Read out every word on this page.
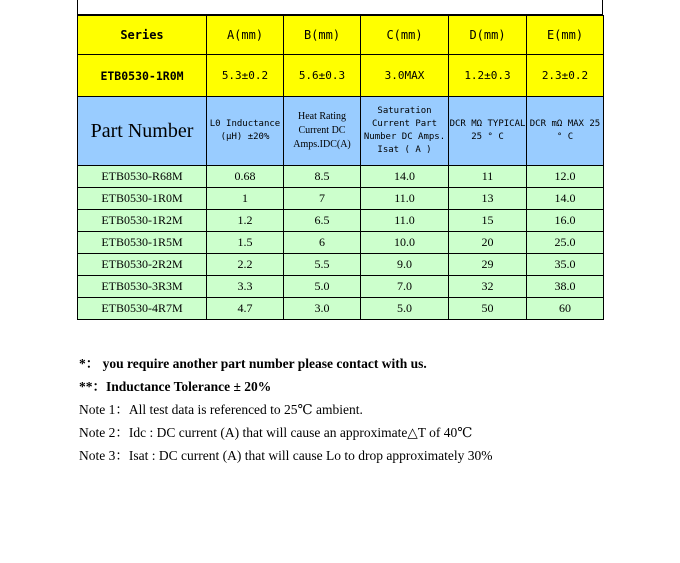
Series	A(mm)	B(mm)	C(mm)	D(mm)	E(mm)
ETB0530-1R0M	5.3±0.2	5.6±0.3	3.0MAX	1.2±0.3	2.3±0.2
Part Number	L0 Inductance (μH) ±20%	Heat Rating Current DC Amps.IDC(A)	Saturation Current Part Number DC Amps. Isat ( A )	DCR MΩ TYPICAL 25 ° C	DCR mΩ MAX 25 ° C
ETB0530-R68M	0.68	8.5	14.0	11	12.0
ETB0530-1R0M	1	7	11.0	13	14.0
ETB0530-1R2M	1.2	6.5	11.0	15	16.0
ETB0530-1R5M	1.5	6	10.0	20	25.0
ETB0530-2R2M	2.2	5.5	9.0	29	35.0
ETB0530-3R3M	3.3	5.0	7.0	32	38.0
ETB0530-4R7M	4.7	3.0	5.0	50	60

*： you require another part number please contact with us.

**：Inductance Tolerance ± 20%

Note 1：All test data is referenced to 25℃ ambient.

Note 2：Idc : DC current (A) that will cause an approximate△T of 40℃

Note 3：Isat : DC current (A) that will cause Lo to drop approximately 30%
